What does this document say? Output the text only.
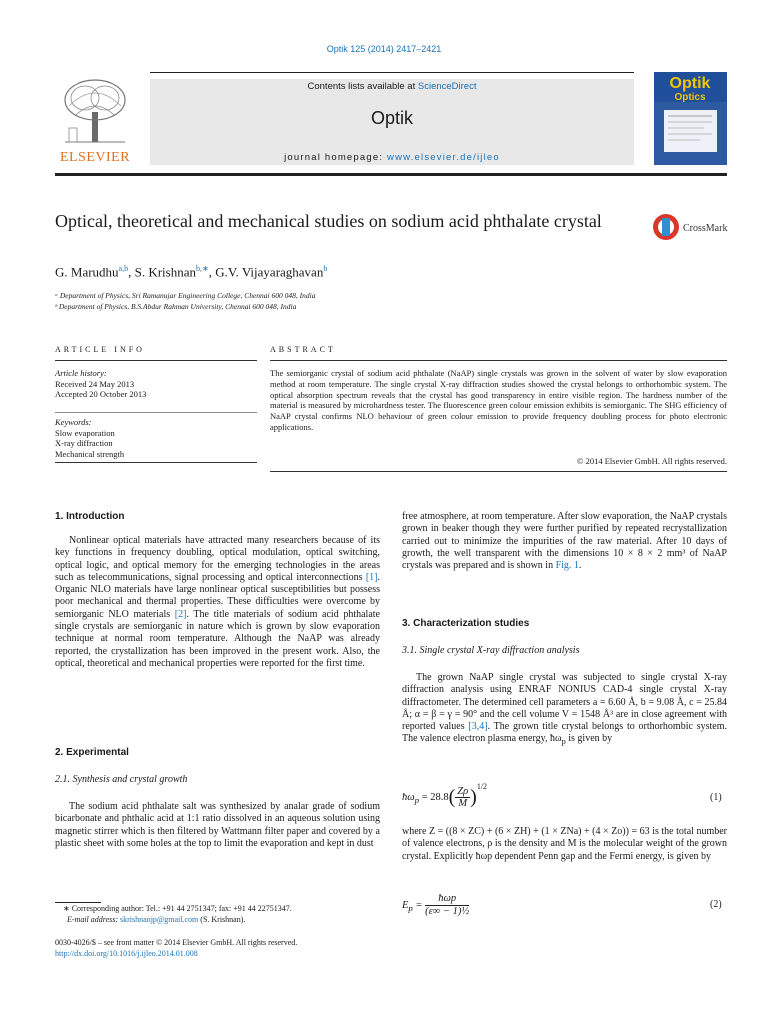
Optik 125 (2014) 2417–2421
ELSEVIER
Contents lists available at ScienceDirect
Optik
journal homepage: www.elsevier.de/ijleo
Optik
Optics
Optical, theoretical and mechanical studies on sodium acid phthalate crystal	CrossMark
G. Marudhu$^{a,b}$, S. Krishnan$^{b,∗}$, G.V. Vijayaraghavan$^b$
ᵃ Department of Physics, Sri Ramanujar Engineering College, Chennai 600 048, India
ᵇ Department of Physics, B.S.Abdur Rahman University, Chennai 600 048, India
ARTICLE INFO	ABSTRACT
Article history:
Received 24 May 2013
Accepted 20 October 2013
Keywords:
Slow evaporation
X-ray diffraction
Mechanical strength
The semiorganic crystal of sodium acid phthalate (NaAP) single crystals was grown in the solvent of water by slow evaporation method at room temperature. The single crystal X-ray diffraction studies showed the crystal belongs to orthorhombic system. The optical absorption spectrum reveals that the crystal has good transparency in entire visible region. The hardness number of the material is measured by microhardness tester. The fluorescence green colour emission exhibits is semiorganic. The SHG efficiency of NaAP crystal confirms NLO behaviour of green colour emission to provide frequency doubling process for photo electronic applications.
© 2014 Elsevier GmbH. All rights reserved.
1. Introduction
Nonlinear optical materials have attracted many researchers because of its key functions in frequency doubling, optical modulation, optical switching, optical logic, and optical memory for the emerging technologies in the areas such as telecommunications, signal processing and optical interconnections [1]. Organic NLO materials have large nonlinear optical susceptibilities but possess poor mechanical and thermal properties. These difficulties were overcome by semiorganic NLO materials [2]. The title materials of sodium acid phthalate single crystals are semiorganic in nature which is grown by slow evaporation technique at normal room temperature. Although the NaAP was already reported, the crystallization has been improved in the present work. Also, the optical, theoretical and mechanical properties were reported for the first time.
2. Experimental
2.1. Synthesis and crystal growth
The sodium acid phthalate salt was synthesized by analar grade of sodium bicarbonate and phthalic acid at 1:1 ratio dissolved in an aqueous solution using magnetic stirrer which is then filtered by Wattmann filter paper and covered by a plastic sheet with some holes at the top to limit the evaporation and kept in dust
∗ Corresponding author: Tel.: +91 44 2751347; fax: +91 44 22751347.
E-mail address: skrishnanjp@gmail.com (S. Krishnan).
0030-4026/$ – see front matter © 2014 Elsevier GmbH. All rights reserved.
http://dx.doi.org/10.1016/j.ijleo.2014.01.008
free atmosphere, at room temperature. After slow evaporation, the NaAP crystals grown in beaker though they were further purified by repeated recrystallization carried out to minimize the impurities of the raw material. After 10 days of growth, the well transparent with the dimensions 10 × 8 × 2 mm³ of NaAP crystals was prepared and is shown in Fig. 1.
3. Characterization studies
3.1. Single crystal X-ray diffraction analysis
The grown NaAP single crystal was subjected to single crystal X-ray diffraction analysis using ENRAF NONIUS CAD-4 single crystal X-ray diffractometer. The determined cell parameters a = 6.60 Å, b = 9.08 Å, c = 25.84 Å; α = β = γ = 90° and the cell volume V = 1548 Å³ are in close agreement with reported values [3,4]. The grown title crystal belongs to orthorhombic system. The valence electron plasma energy, $ħ\omega_p$ is given by
$ħ\omega_p = 28.8( \frac{Z\rho}{M} )^{1/2}$
(1)
where Z = ((8 × ZC) + (6 × ZH) + (1 × ZNa) + (4 × Zo)) = 63 is the total number of valence electrons, ρ is the density and M is the molecular weight of the grown crystal. Explicitly ħωp dependent Penn gap and the Fermi energy, is given by
$E_p$ =
ħωp
(ε∞ − 1)½
(2)
